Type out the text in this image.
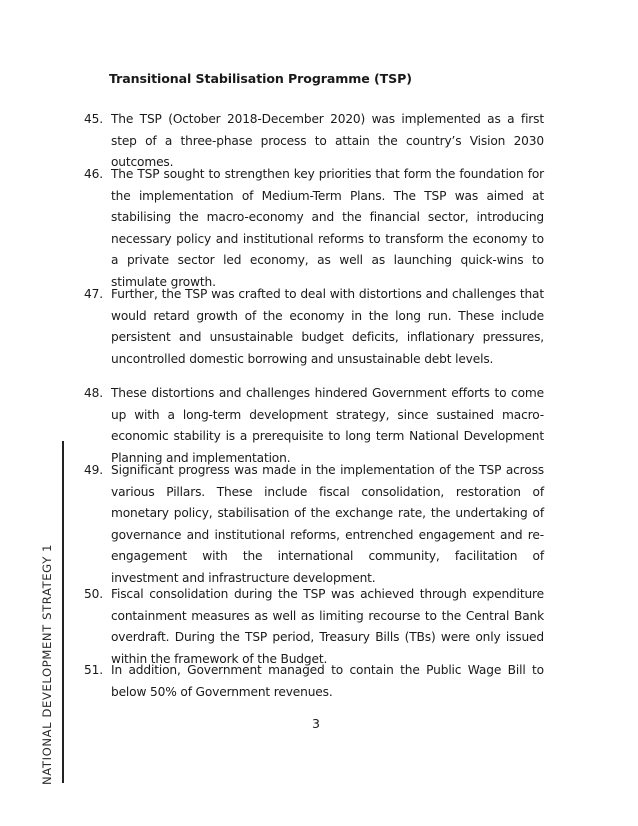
Transitional Stabilisation Programme (TSP)
45. The TSP (October 2018-December 2020) was implemented as a first step of a three-phase process to attain the country’s Vision 2030 outcomes.
46. The TSP sought to strengthen key priorities that form the foundation for the implementation of Medium-Term Plans. The TSP was aimed at stabilising the macro-economy and the financial sector, introducing necessary policy and institutional reforms to transform the economy to a private sector led economy, as well as launching quick-wins to stimulate growth.
47. Further, the TSP was crafted to deal with distortions and challenges that would retard growth of the economy in the long run. These include persistent and unsustainable budget deficits, inflationary pressures, uncontrolled domestic borrowing and unsustainable debt levels.
48. These distortions and challenges hindered Government efforts to come up with a long-term development strategy, since sustained macro-economic stability is a prerequisite to long term National Development Planning and implementation.
49. Significant progress was made in the implementation of the TSP across various Pillars. These include fiscal consolidation, restoration of monetary policy, stabilisation of the exchange rate, the undertaking of governance and institutional reforms, entrenched engagement and re-engagement with the international community, facilitation of investment and infrastructure development.
50. Fiscal consolidation during the TSP was achieved through expenditure containment measures as well as limiting recourse to the Central Bank overdraft. During the TSP period, Treasury Bills (TBs) were only issued within the framework of the Budget.
51. In addition, Government managed to contain the Public Wage Bill to below 50% of Government revenues.
NATIONAL DEVELOPMENT STRATEGY 1	3
